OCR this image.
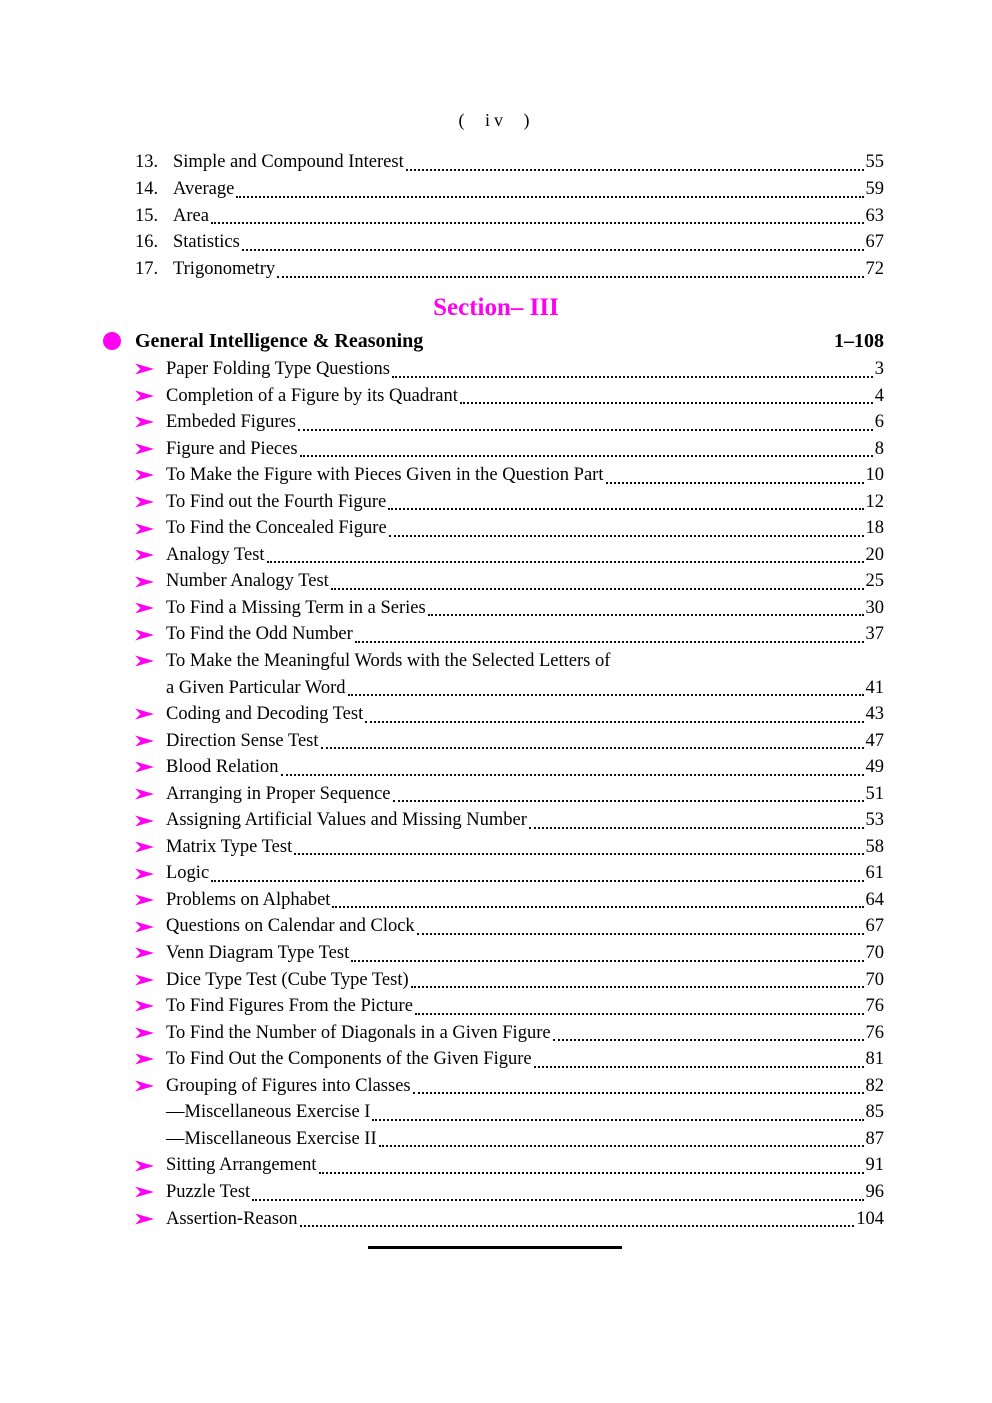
( iv )
13. Simple and Compound Interest	55
14. Average	59
15. Area	63
16. Statistics	67
17. Trigonometry	72
Section– III
General Intelligence & Reasoning	1–108
Paper Folding Type Questions	3
Completion of a Figure by its Quadrant	4
Embeded Figures	6
Figure and Pieces	8
To Make the Figure with Pieces Given in the Question Part	10
To Find out the Fourth Figure	12
To Find the Concealed Figure	18
Analogy Test	20
Number Analogy Test	25
To Find a Missing Term in a Series	30
To Find the Odd Number	37
To Make the Meaningful Words with the Selected Letters of
a Given Particular Word	41
Coding and Decoding Test	43
Direction Sense Test	47
Blood Relation	49
Arranging in Proper Sequence	51
Assigning Artificial Values and Missing Number	53
Matrix Type Test	58
Logic	61
Problems on Alphabet	64
Questions on Calendar and Clock	67
Venn Diagram Type Test	70
Dice Type Test (Cube Type Test)	70
To Find Figures From the Picture	76
To Find the Number of Diagonals in a Given Figure	76
To Find Out the Components of the Given Figure	81
Grouping of Figures into Classes	82
—Miscellaneous Exercise I	85
—Miscellaneous Exercise II	87
Sitting Arrangement	91
Puzzle Test	96
Assertion-Reason	104
